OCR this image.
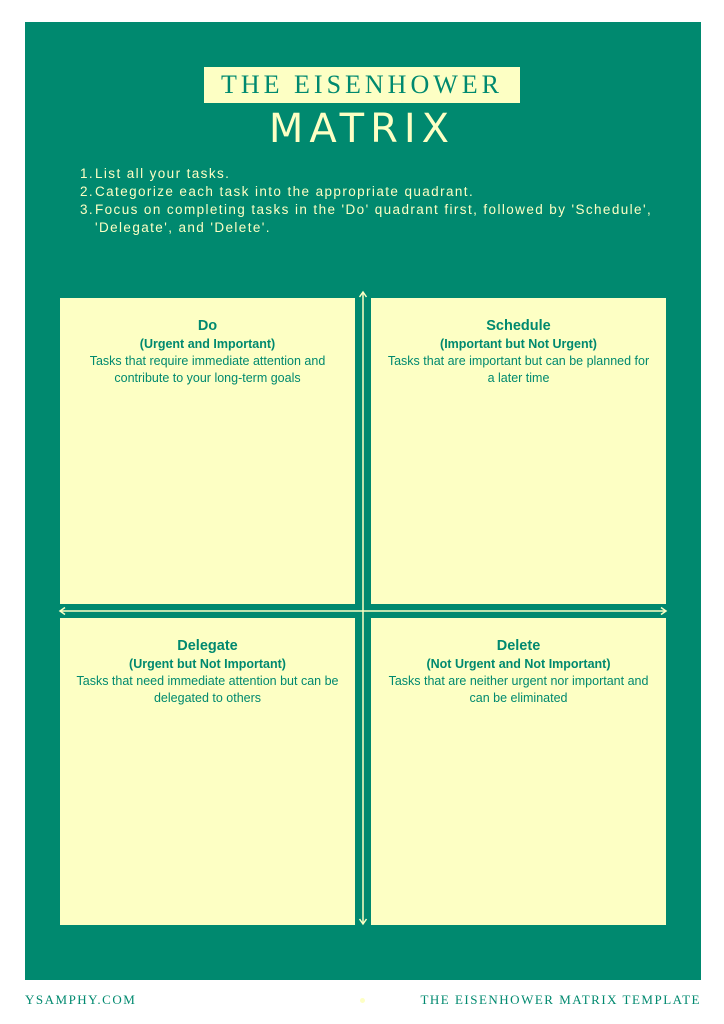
THE EISENHOWER
MATRIX
1. List all your tasks.
2. Categorize each task into the appropriate quadrant.
3. Focus on completing tasks in the 'Do' quadrant first, followed by 'Schedule', 'Delegate', and 'Delete'.
Do
(Urgent and Important)
Tasks that require immediate attention and contribute to your long-term goals
Schedule
(Important but Not Urgent)
Tasks that are important but can be planned for a later time
Delegate
(Urgent but Not Important)
Tasks that need immediate attention but can be delegated to others
Delete
(Not Urgent and Not Important)
Tasks that are neither urgent nor important and can be eliminated
YSAMPHY.COM	THE EISENHOWER MATRIX TEMPLATE
